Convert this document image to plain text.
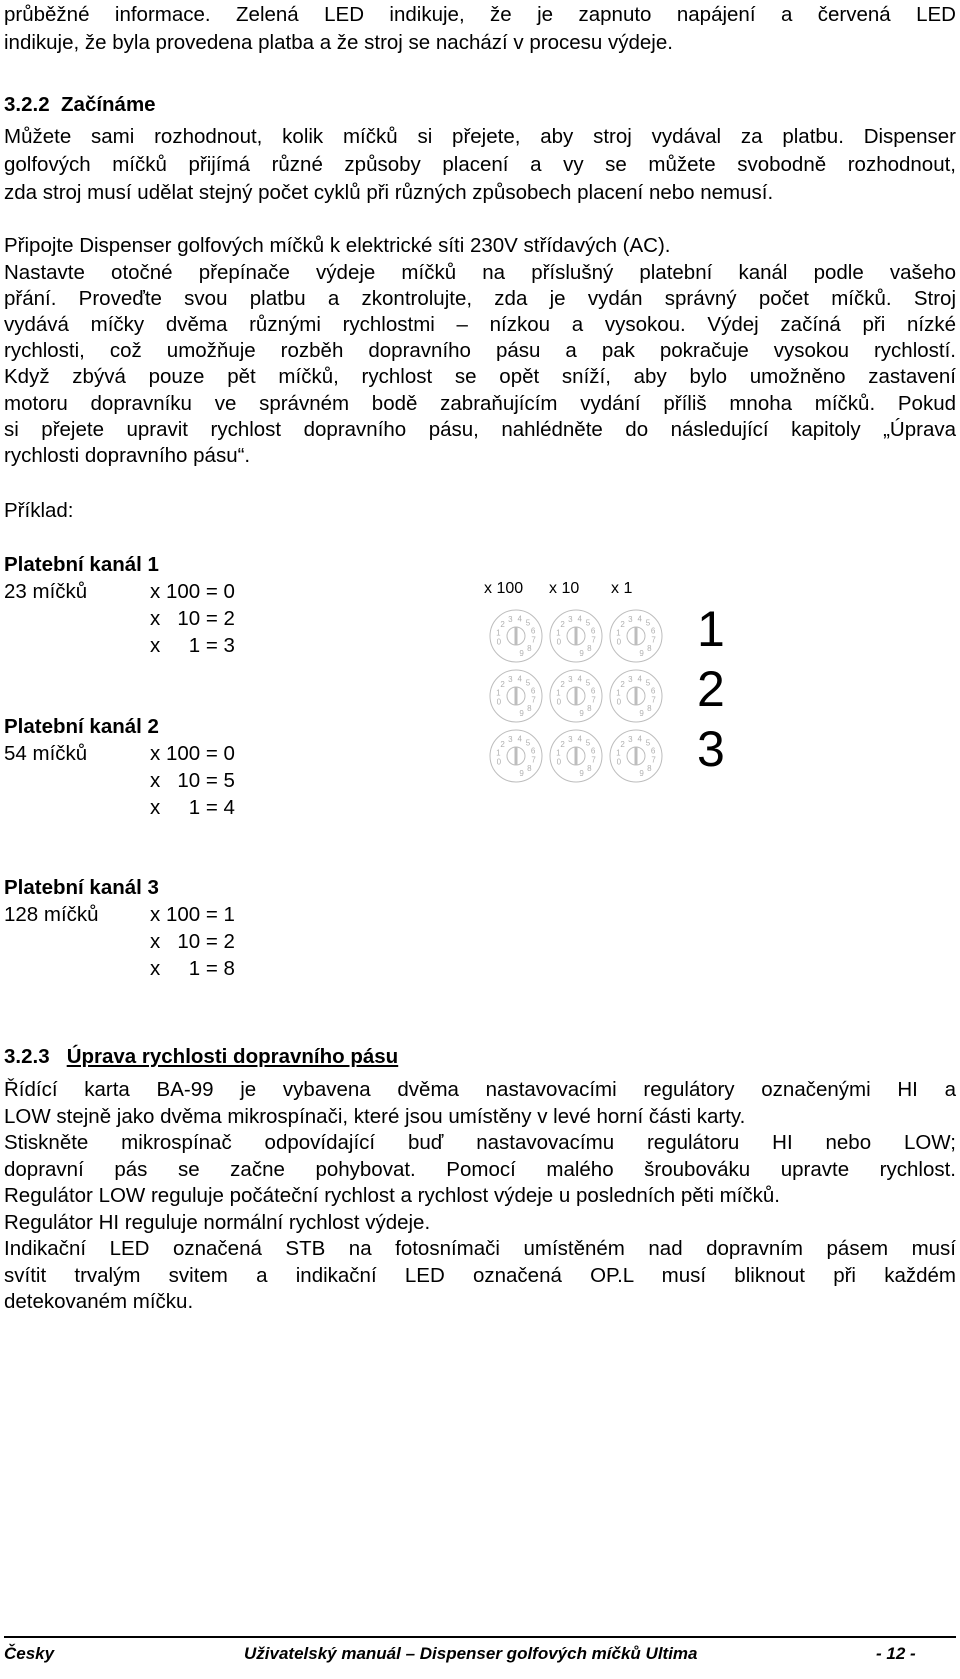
průběžné informace. Zelená LED indikuje, že je zapnuto napájení a červená LED
indikuje, že byla provedena platba a že stroj se nachází v procesu výdeje.
3.2.2 Začínáme
Můžete sami rozhodnout, kolik míčků si přejete, aby stroj vydával za platbu. Dispenser
golfových míčků přijímá různé způsoby placení a vy se můžete svobodně rozhodnout,
zda stroj musí udělat stejný počet cyklů při různých způsobech placení nebo nemusí.
Připojte Dispenser golfových míčků k elektrické síti 230V střídavých (AC).
Nastavte otočné přepínače výdeje míčků na příslušný platební kanál podle vašeho
přání. Proveďte svou platbu a zkontrolujte, zda je vydán správný počet míčků. Stroj
vydává míčky dvěma různými rychlostmi – nízkou a vysokou. Výdej začíná při nízké
rychlosti, což umožňuje rozběh dopravního pásu a pak pokračuje vysokou rychlostí.
Když zbývá pouze pět míčků, rychlost se opět sníží, aby bylo umožněno zastavení
motoru dopravníku ve správném bodě zabraňujícím vydání příliš mnoha míčků. Pokud
si přejete upravit rychlost dopravního pásu, nahlédněte do následující kapitoly „Úprava
rychlosti dopravního pásu“.
Příklad:
Platební kanál 1
23 míčků	x 100 = 0
x   10 = 2
x     1 = 3
Platební kanál 2
54 míčků	x 100 = 0
x   10 = 5
x     1 = 4
Platební kanál 3
128 míčků	x 100 = 1
x   10 = 2
x     1 = 8
x 100 x 10 x 1
0
1
2
3 4 5
6
7
8
9
0
1
2
3 4 5
6
7
8
9
0
1
2
3 4 5
6
7
8
9
0
1
2
3 4 5
6
7
8
9
0
1
2
3 4 5
6
7
8
9
0
1
2
3 4 5
6
7
8
9
0
1
2
3 4 5
6
7
8
9
0
1
2
3 4 5
6
7
8
9
0
1
2
3 4 5
6
7
8
9
1
2
3
3.2.3 Úprava rychlosti dopravního pásu
Řídící karta BA-99 je vybavena dvěma nastavovacími regulátory označenými HI a
LOW stejně jako dvěma mikrospínači, které jsou umístěny v levé horní části karty.
Stiskněte mikrospínač odpovídající buď nastavovacímu regulátoru HI nebo LOW;
dopravní pás se začne pohybovat. Pomocí malého šroubováku upravte rychlost.
Regulátor LOW reguluje počáteční rychlost a rychlost výdeje u posledních pěti míčků.
Regulátor HI reguluje normální rychlost výdeje.
Indikační LED označená STB na fotosnímači umístěném nad dopravním pásem musí
svítit trvalým svitem a indikační LED označená OP.L musí bliknout při každém
detekovaném míčku.
Česky	Uživatelský manuál – Dispenser golfových míčků Ultima	- 12 -
